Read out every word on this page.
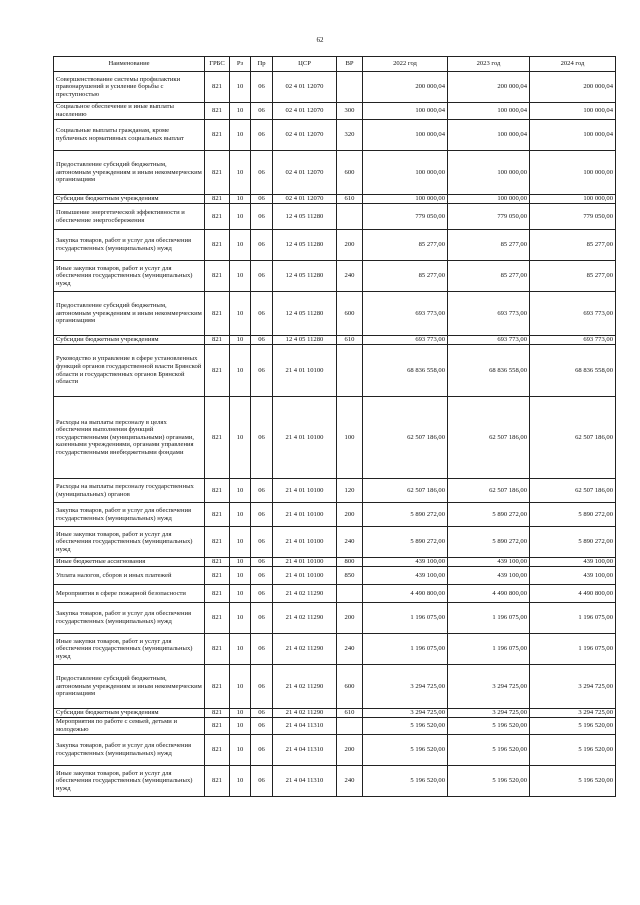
62
Наименование	ГРБС	Рз	Пр	ЦСР	ВР	2022 год	2023 год	2024 год
Совершенствование системы профилактики правонарушений и усиление борьбы с преступностью	821	10	06	02 4 01 12070		200 000,04	200 000,04	200 000,04
Социальное обеспечение и иные выплаты населению	821	10	06	02 4 01 12070	300	100 000,04	100 000,04	100 000,04
Социальные выплаты гражданам, кроме публичных нормативных социальных выплат	821	10	06	02 4 01 12070	320	100 000,04	100 000,04	100 000,04
Предоставление субсидий бюджетным, автономным учреждениям и иным некоммерческим организациям	821	10	06	02 4 01 12070	600	100 000,00	100 000,00	100 000,00
Субсидии бюджетным учреждениям	821	10	06	02 4 01 12070	610	100 000,00	100 000,00	100 000,00
Повышение энергетической эффективности и обеспечение энергосбережения	821	10	06	12 4 05 11280		779 050,00	779 050,00	779 050,00
Закупка товаров, работ и услуг для обеспечения государственных (муниципальных) нужд	821	10	06	12 4 05 11280	200	85 277,00	85 277,00	85 277,00
Иные закупки товаров, работ и услуг для обеспечения государственных (муниципальных) нужд	821	10	06	12 4 05 11280	240	85 277,00	85 277,00	85 277,00
Предоставление субсидий бюджетным, автономным учреждениям и иным некоммерческим организациям	821	10	06	12 4 05 11280	600	693 773,00	693 773,00	693 773,00
Субсидии бюджетным учреждениям	821	10	06	12 4 05 11280	610	693 773,00	693 773,00	693 773,00
Руководство и управление в сфере установленных функций органов государственной власти Брянской области и государственных органов Брянской области	821	10	06	21 4 01 10100		68 836 558,00	68 836 558,00	68 836 558,00
Расходы на выплаты персоналу в целях обеспечения выполнения функций государственными (муниципальными) органами, казенными учреждениями, органами управления государственными внебюджетными фондами	821	10	06	21 4 01 10100	100	62 507 186,00	62 507 186,00	62 507 186,00
Расходы на выплаты персоналу государственных (муниципальных) органов	821	10	06	21 4 01 10100	120	62 507 186,00	62 507 186,00	62 507 186,00
Закупка товаров, работ и услуг для обеспечения государственных (муниципальных) нужд	821	10	06	21 4 01 10100	200	5 890 272,00	5 890 272,00	5 890 272,00
Иные закупки товаров, работ и услуг для обеспечения государственных (муниципальных) нужд	821	10	06	21 4 01 10100	240	5 890 272,00	5 890 272,00	5 890 272,00
Иные бюджетные ассигнования	821	10	06	21 4 01 10100	800	439 100,00	439 100,00	439 100,00
Уплата налогов, сборов и иных платежей	821	10	06	21 4 01 10100	850	439 100,00	439 100,00	439 100,00
Мероприятия в сфере пожарной безопасности	821	10	06	21 4 02 11290		4 490 800,00	4 490 800,00	4 490 800,00
Закупка товаров, работ и услуг для обеспечения государственных (муниципальных) нужд	821	10	06	21 4 02 11290	200	1 196 075,00	1 196 075,00	1 196 075,00
Иные закупки товаров, работ и услуг для обеспечения государственных (муниципальных) нужд	821	10	06	21 4 02 11290	240	1 196 075,00	1 196 075,00	1 196 075,00
Предоставление субсидий бюджетным, автономным учреждениям и иным некоммерческим организациям	821	10	06	21 4 02 11290	600	3 294 725,00	3 294 725,00	3 294 725,00
Субсидии бюджетным учреждениям	821	10	06	21 4 02 11290	610	3 294 725,00	3 294 725,00	3 294 725,00
Мероприятия по работе с семьей, детьми и молодежью	821	10	06	21 4 04 11310		5 196 520,00	5 196 520,00	5 196 520,00
Закупка товаров, работ и услуг для обеспечения государственных (муниципальных) нужд	821	10	06	21 4 04 11310	200	5 196 520,00	5 196 520,00	5 196 520,00
Иные закупки товаров, работ и услуг для обеспечения государственных (муниципальных) нужд	821	10	06	21 4 04 11310	240	5 196 520,00	5 196 520,00	5 196 520,00
